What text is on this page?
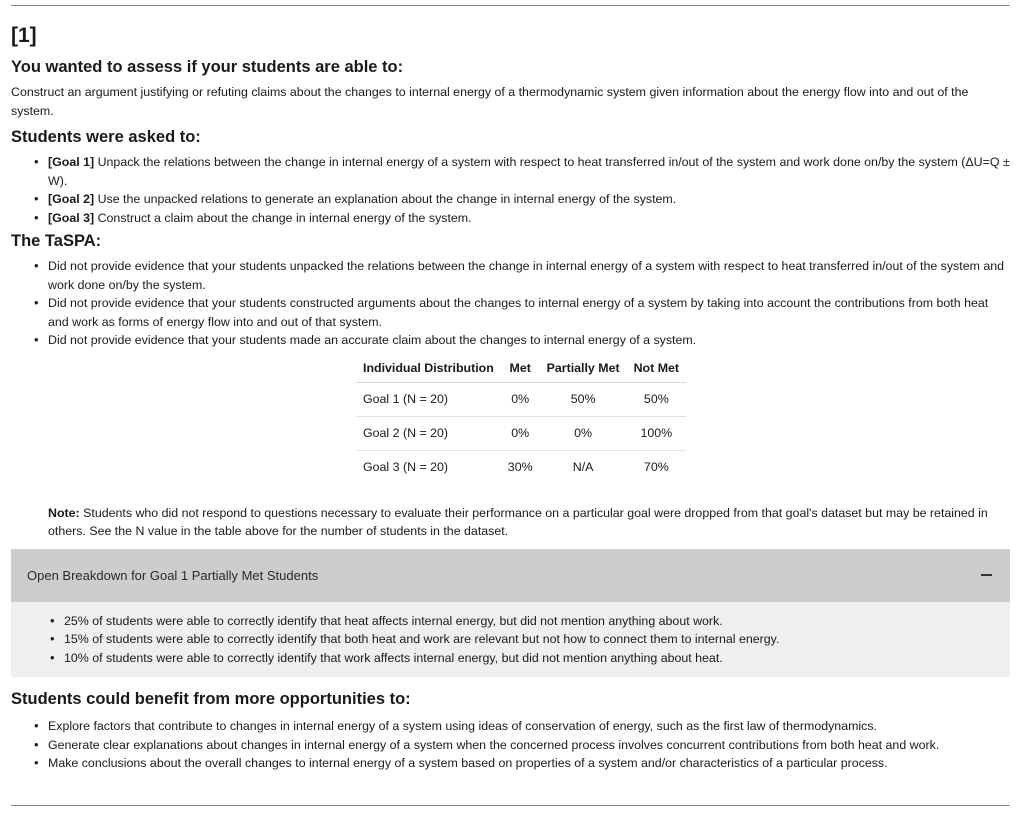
[1]
You wanted to assess if your students are able to:

Construct an argument justifying or refuting claims about the changes to internal energy of a thermodynamic system given information about the energy flow into and out of the system.

Students were asked to:
• [Goal 1] Unpack the relations between the change in internal energy of a system with respect to heat transferred in/out of the system and work done on/by the system (ΔU=Q ± W).
• [Goal 2] Use the unpacked relations to generate an explanation about the change in internal energy of the system.
• [Goal 3] Construct a claim about the change in internal energy of the system.
The TaSPA:
• Did not provide evidence that your students unpacked the relations between the change in internal energy of a system with respect to heat transferred in/out of the system and work done on/by the system.
• Did not provide evidence that your students constructed arguments about the changes to internal energy of a system by taking into account the contributions from both heat and work as forms of energy flow into and out of that system.
• Did not provide evidence that your students made an accurate claim about the changes to internal energy of a system.
Individual Distribution	Met	Partially Met	Not Met
Goal 1 (N = 20)	0%	50%	50%
Goal 2 (N = 20)	0%	0%	100%
Goal 3 (N = 20)	30%	N/A	70%

Note: Students who did not respond to questions necessary to evaluate their performance on a particular goal were dropped from that goal's dataset but may be retained in others. See the N value in the table above for the number of students in the dataset.

Open Breakdown for Goal 1 Partially Met Students
• 25% of students were able to correctly identify that heat affects internal energy, but did not mention anything about work.
• 15% of students were able to correctly identify that both heat and work are relevant but not how to connect them to internal energy.
• 10% of students were able to correctly identify that work affects internal energy, but did not mention anything about heat.
Students could benefit from more opportunities to:
• Explore factors that contribute to changes in internal energy of a system using ideas of conservation of energy, such as the first law of thermodynamics.
• Generate clear explanations about changes in internal energy of a system when the concerned process involves concurrent contributions from both heat and work.
• Make conclusions about the overall changes to internal energy of a system based on properties of a system and/or characteristics of a particular process.
